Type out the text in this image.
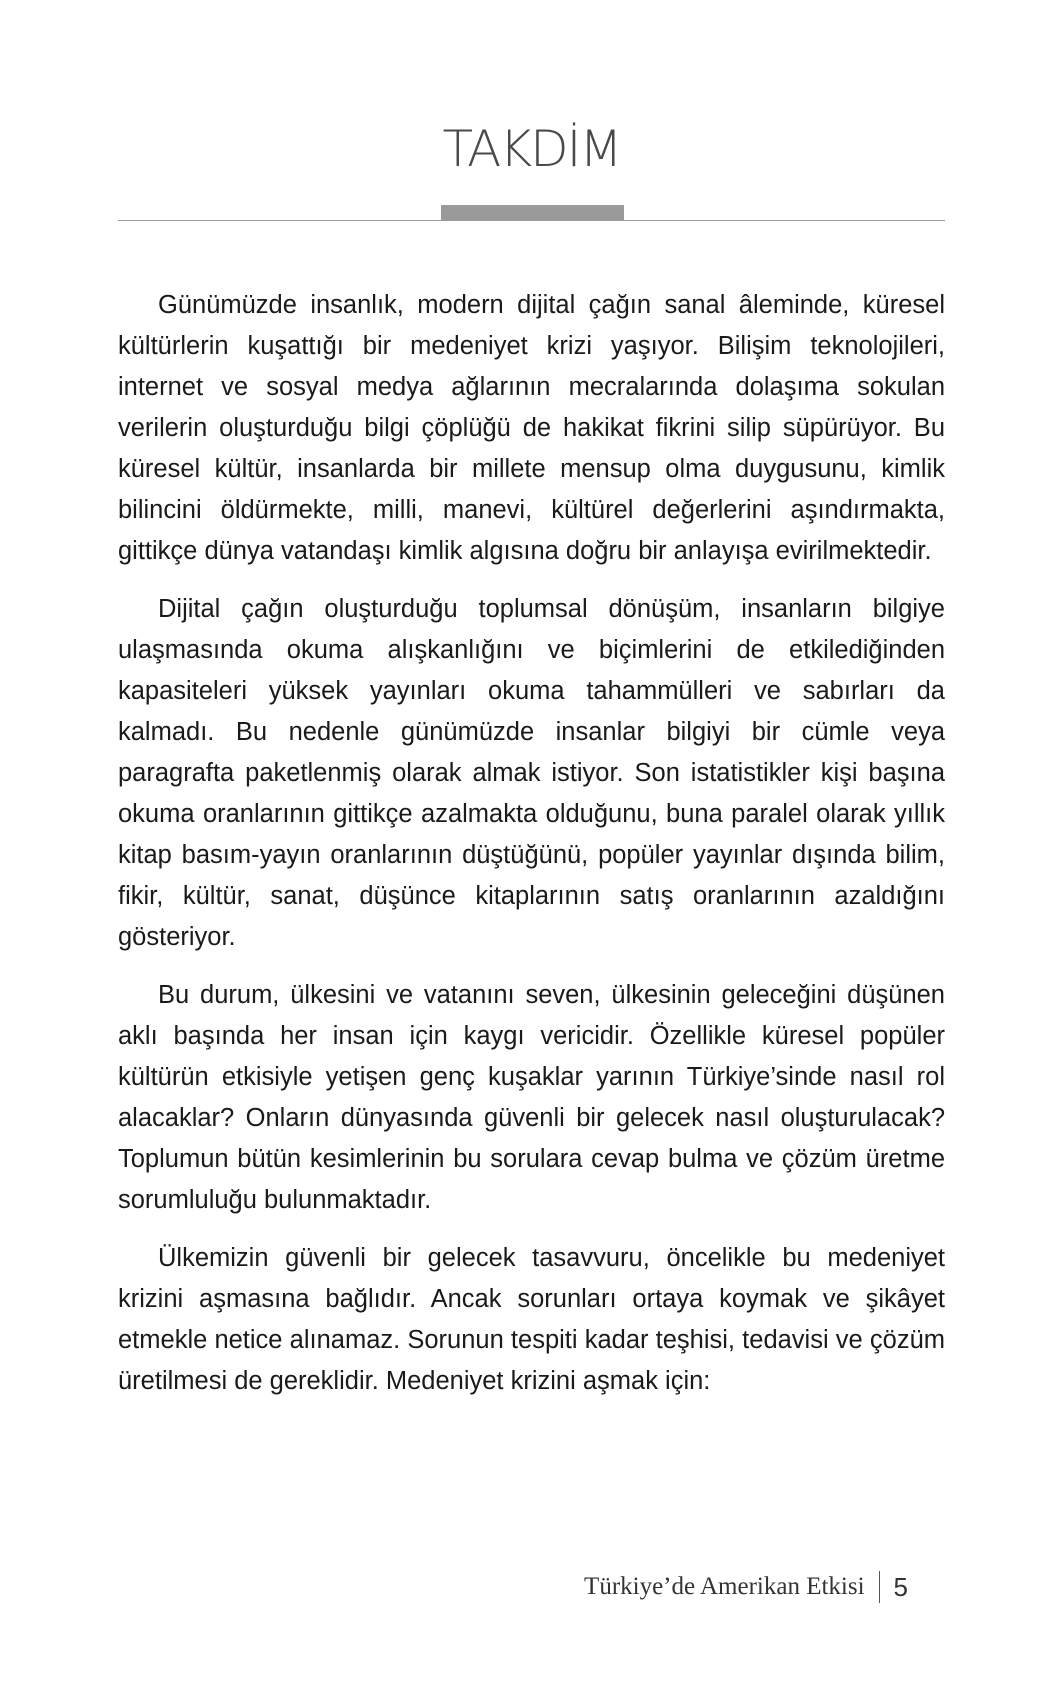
TAKDİM

Günümüzde insanlık, modern dijital çağın sanal âleminde, küresel kültürlerin kuşattığı bir medeniyet krizi yaşıyor. Bilişim teknolojileri, internet ve sosyal medya ağlarının mecralarında dolaşıma sokulan verilerin oluşturduğu bilgi çöplüğü de hakikat fikrini silip süpürüyor. Bu küresel kültür, insanlarda bir millete mensup olma duygusunu, kimlik bilincini öldürmekte, milli, manevi, kültürel değerlerini aşındırmakta, gittikçe dünya vatandaşı kimlik algısına doğru bir anlayışa evirilmektedir.

Dijital çağın oluşturduğu toplumsal dönüşüm, insanların bilgiye ulaşmasında okuma alışkanlığını ve biçimlerini de etkilediğinden kapasiteleri yüksek yayınları okuma tahammülleri ve sabırları da kalmadı. Bu nedenle günümüzde insanlar bilgiyi bir cümle veya paragrafta paketlenmiş olarak almak istiyor. Son istatistikler kişi başına okuma oranlarının gittikçe azalmakta olduğunu, buna paralel olarak yıllık kitap basım-yayın oranlarının düştüğünü, popüler yayınlar dışında bilim, fikir, kültür, sanat, düşünce kitaplarının satış oranlarının azaldığını gösteriyor.

Bu durum, ülkesini ve vatanını seven, ülkesinin geleceğini düşünen aklı başında her insan için kaygı vericidir. Özellikle küresel popüler kültürün etkisiyle yetişen genç kuşaklar yarının Türkiye’sinde nasıl rol alacaklar? Onların dünyasında güvenli bir gelecek nasıl oluşturulacak? Toplumun bütün kesimlerinin bu sorulara cevap bulma ve çözüm üretme sorumluluğu bulunmaktadır.

Ülkemizin güvenli bir gelecek tasavvuru, öncelikle bu medeniyet krizini aşmasına bağlıdır. Ancak sorunları ortaya koymak ve şikâyet etmekle netice alınamaz. Sorunun tespiti kadar teşhisi, tedavisi ve çözüm üretilmesi de gereklidir. Medeniyet krizini aşmak için:

Türkiye’de Amerikan Etkisi 5
